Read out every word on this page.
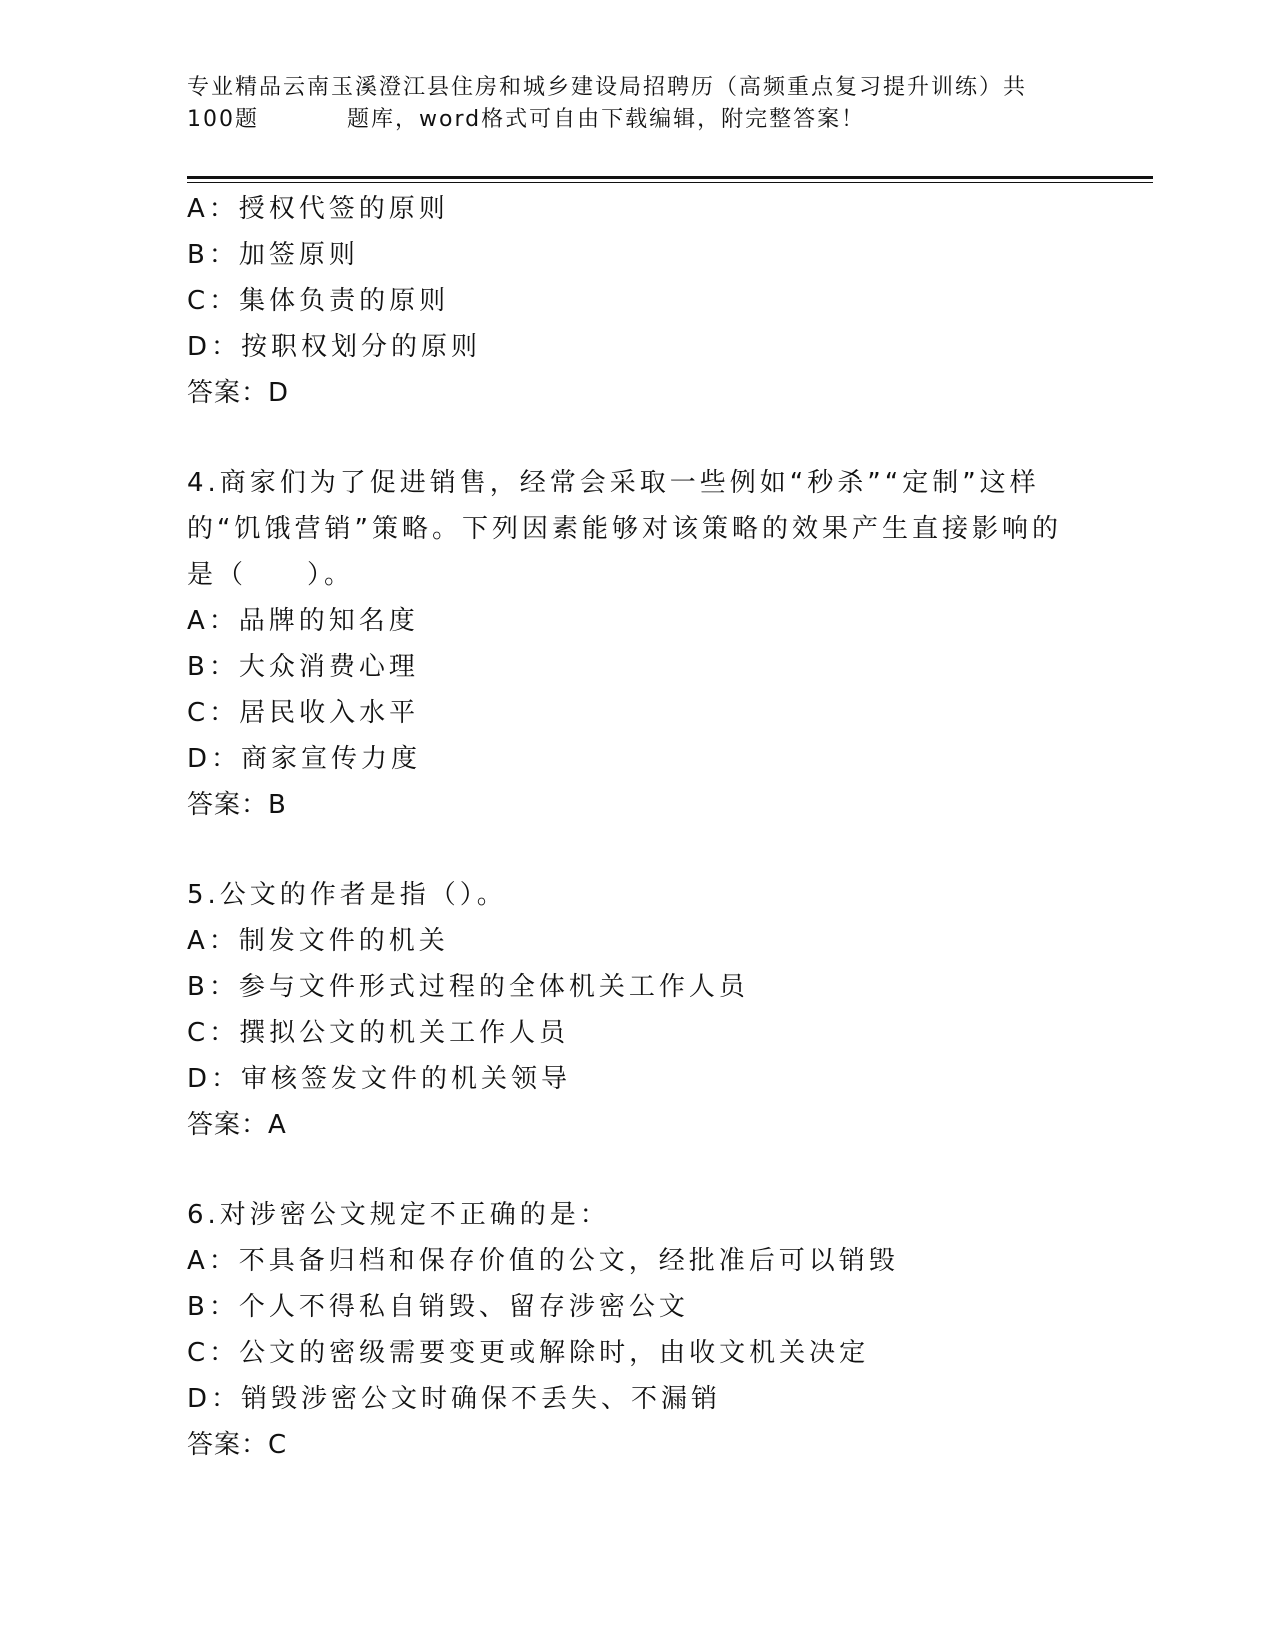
专业精品云南玉溪澄江县住房和城乡建设局招聘历（高频重点复习提升训练）共
100题	题库，word格式可自由下载编辑，附完整答案！
A：授权代签的原则
B：加签原则
C：集体负责的原则
D：按职权划分的原则
答案：D
4.商家们为了促进销售，经常会采取一些例如“秒杀”“定制”这样
的“饥饿营销”策略。下列因素能够对该策略的效果产生直接影响的
是（　　）。
A：品牌的知名度
B：大众消费心理
C：居民收入水平
D：商家宣传力度
答案：B
5.公文的作者是指（）。
A：制发文件的机关
B：参与文件形式过程的全体机关工作人员
C：撰拟公文的机关工作人员
D：审核签发文件的机关领导
答案：A
6.对涉密公文规定不正确的是：
A：不具备归档和保存价值的公文，经批准后可以销毁
B：个人不得私自销毁、留存涉密公文
C：公文的密级需要变更或解除时，由收文机关决定
D：销毁涉密公文时确保不丢失、不漏销
答案：C
